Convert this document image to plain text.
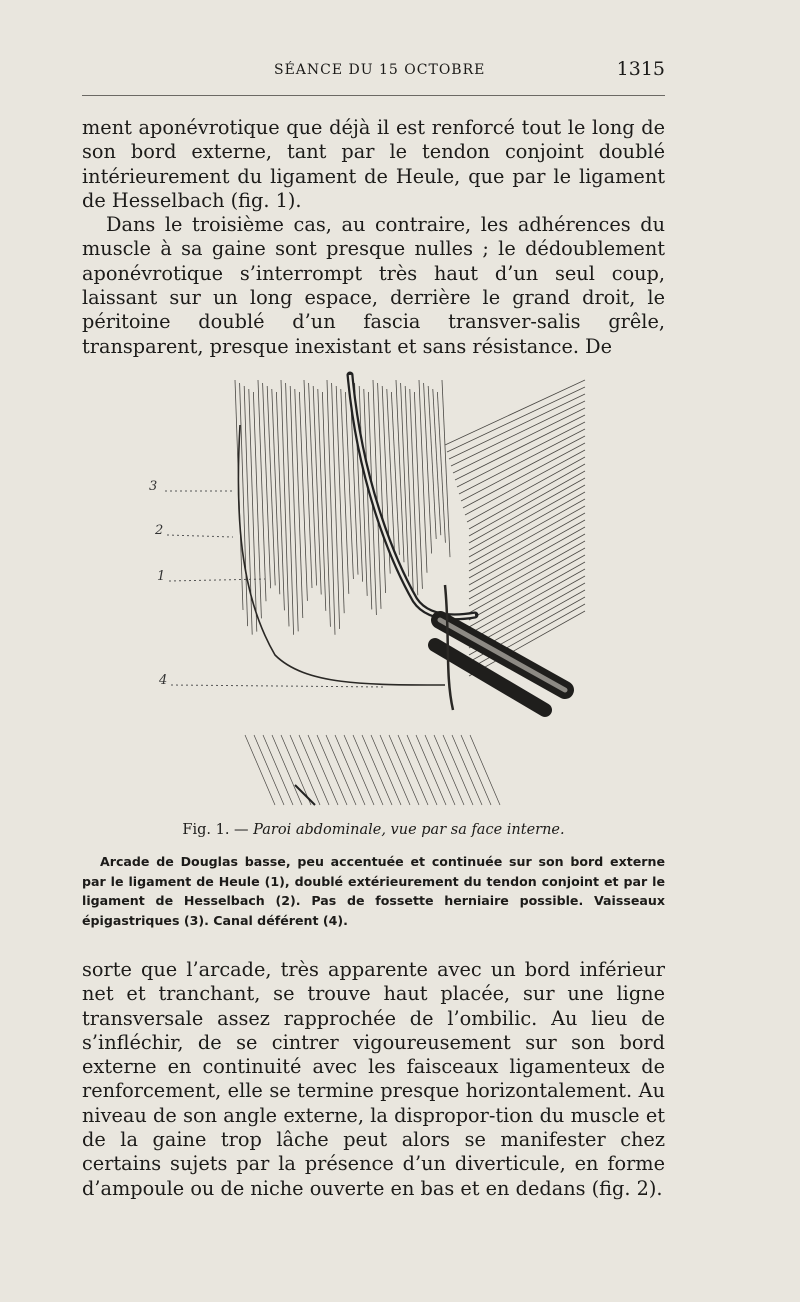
SÉANCE DU 15 OCTOBRE	1315

ment aponévrotique que déjà il est renforcé tout le long de son bord externe, tant par le tendon conjoint doublé intérieurement du ligament de Heule, que par le ligament de Hesselbach (fig. 1).

Dans le troisième cas, au contraire, les adhérences du muscle à sa gaine sont presque nulles ; le dédoublement aponévrotique s’interrompt très haut d’un seul coup, laissant sur un long espace, derrière le grand droit, le péritoine doublé d’un fascia transver-salis grêle, transparent, presque inexistant et sans résistance. De

3
2
1
4
Fig. 1. — Paroi abdominale, vue par sa face interne.
Arcade de Douglas basse, peu accentuée et continuée sur son bord externe par le ligament de Heule (1), doublé extérieurement du tendon conjoint et par le ligament de Hesselbach (2). Pas de fossette herniaire possible. Vaisseaux épigastriques (3). Canal déférent (4).

sorte que l’arcade, très apparente avec un bord inférieur net et tranchant, se trouve haut placée, sur une ligne transversale assez rapprochée de l’ombilic. Au lieu de s’infléchir, de se cintrer vigoureusement sur son bord externe en continuité avec les faisceaux ligamenteux de renforcement, elle se termine presque horizontalement. Au niveau de son angle externe, la dispropor-tion du muscle et de la gaine trop lâche peut alors se manifester chez certains sujets par la présence d’un diverticule, en forme d’ampoule ou de niche ouverte en bas et en dedans (fig. 2).
